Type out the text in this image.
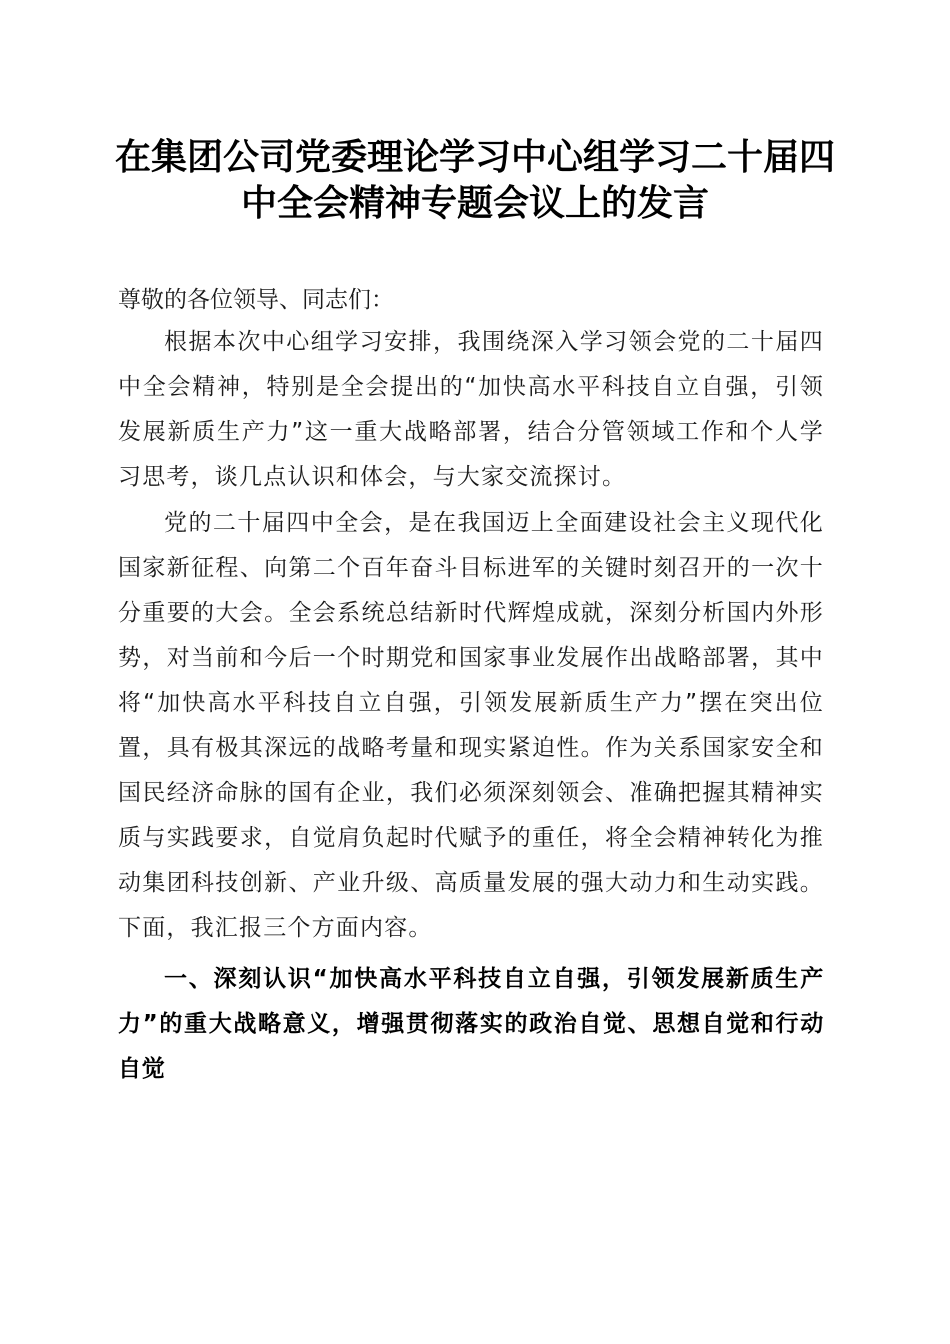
在集团公司党委理论学习中心组学习二十届四
中全会精神专题会议上的发言

尊敬的各位领导、同志们：

根据本次中心组学习安排，我围绕深入学习领会党的二十届四中全会精神，特别是全会提出的“加快高水平科技自立自强，引领发展新质生产力”这一重大战略部署，结合分管领域工作和个人学习思考，谈几点认识和体会，与大家交流探讨。

党的二十届四中全会，是在我国迈上全面建设社会主义现代化国家新征程、向第二个百年奋斗目标进军的关键时刻召开的一次十分重要的大会。全会系统总结新时代辉煌成就，深刻分析国内外形势，对当前和今后一个时期党和国家事业发展作出战略部署，其中将“加快高水平科技自立自强，引领发展新质生产力”摆在突出位置，具有极其深远的战略考量和现实紧迫性。作为关系国家安全和国民经济命脉的国有企业，我们必须深刻领会、准确把握其精神实质与实践要求，自觉肩负起时代赋予的重任，将全会精神转化为推动集团科技创新、产业升级、高质量发展的强大动力和生动实践。下面，我汇报三个方面内容。

一、深刻认识“加快高水平科技自立自强，引领发展新质生产力”的重大战略意义，增强贯彻落实的政治自觉、思想自觉和行动自觉
